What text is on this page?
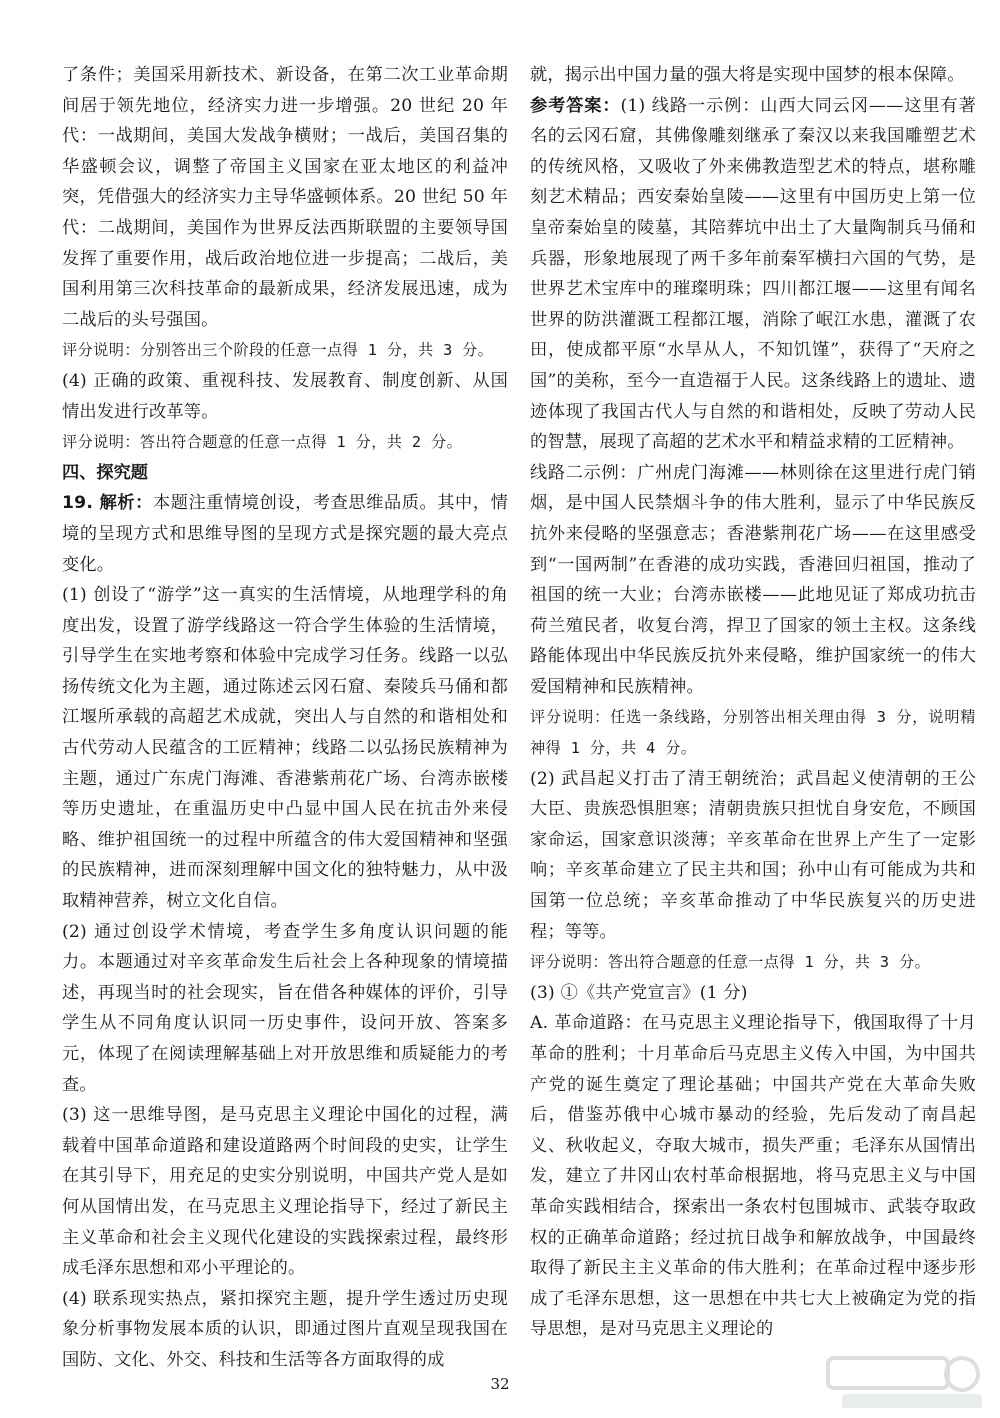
了条件；美国采用新技术、新设备，在第二次工业革命期间居于领先地位，经济实力进一步增强。20 世纪 20 年代：一战期间，美国大发战争横财；一战后，美国召集的华盛顿会议，调整了帝国主义国家在亚太地区的利益冲突，凭借强大的经济实力主导华盛顿体系。20 世纪 50 年代：二战期间，美国作为世界反法西斯联盟的主要领导国发挥了重要作用，战后政治地位进一步提高；二战后，美国利用第三次科技革命的最新成果，经济发展迅速，成为二战后的头号强国。

评分说明：分别答出三个阶段的任意一点得 1 分，共 3 分。

(4) 正确的政策、重视科技、发展教育、制度创新、从国情出发进行改革等。

评分说明：答出符合题意的任意一点得 1 分，共 2 分。

四、探究题

19. 解析：本题注重情境创设，考查思维品质。其中，情境的呈现方式和思维导图的呈现方式是探究题的最大亮点变化。

(1) 创设了“游学”这一真实的生活情境，从地理学科的角度出发，设置了游学线路这一符合学生体验的生活情境，引导学生在实地考察和体验中完成学习任务。线路一以弘扬传统文化为主题，通过陈述云冈石窟、秦陵兵马俑和都江堰所承载的高超艺术成就，突出人与自然的和谐相处和古代劳动人民蕴含的工匠精神；线路二以弘扬民族精神为主题，通过广东虎门海滩、香港紫荊花广场、台湾赤嵌楼等历史遗址，在重温历史中凸显中国人民在抗击外来侵略、维护祖国统一的过程中所蕴含的伟大爱国精神和坚强的民族精神，进而深刻理解中国文化的独特魅力，从中汲取精神营养，树立文化自信。

(2) 通过创设学术情境，考查学生多角度认识问题的能力。本题通过对辛亥革命发生后社会上各种现象的情境描述，再现当时的社会现实，旨在借各种媒体的评价，引导学生从不同角度认识同一历史事件，设问开放、答案多元，体现了在阅读理解基础上对开放思维和质疑能力的考查。

(3) 这一思维导图，是马克思主义理论中国化的过程，满载着中国革命道路和建设道路两个时间段的史实，让学生在其引导下，用充足的史实分别说明，中国共产党人是如何从国情出发，在马克思主义理论指导下，经过了新民主主义革命和社会主义现代化建设的实践探索过程，最终形成毛泽东思想和邓小平理论的。

(4) 联系现实热点，紧扣探究主题，提升学生透过历史现象分析事物发展本质的认识，即通过图片直观呈现我国在国防、文化、外交、科技和生活等各方面取得的成

就，揭示出中国力量的强大将是实现中国梦的根本保障。

参考答案：(1) 线路一示例：山西大同云冈——这里有著名的云冈石窟，其佛像雕刻继承了秦汉以来我国雕塑艺术的传统风格，又吸收了外来佛教造型艺术的特点，堪称雕刻艺术精品；西安秦始皇陵——这里有中国历史上第一位皇帝秦始皇的陵墓，其陪葬坑中出土了大量陶制兵马俑和兵器，形象地展现了两千多年前秦军横扫六国的气势，是世界艺术宝库中的璀璨明珠；四川都江堰——这里有闻名世界的防洪灌溉工程都江堰，消除了岷江水患，灌溉了农田，使成都平原“水旱从人，不知饥馑”，获得了“天府之国”的美称，至今一直造福于人民。这条线路上的遗址、遗迹体现了我国古代人与自然的和谐相处，反映了劳动人民的智慧，展现了高超的艺术水平和精益求精的工匠精神。

线路二示例：广州虎门海滩——林则徐在这里进行虎门销烟，是中国人民禁烟斗争的伟大胜利，显示了中华民族反抗外来侵略的坚强意志；香港紫荆花广场——在这里感受到“一国两制”在香港的成功实践，香港回归祖国，推动了祖国的统一大业；台湾赤嵌楼——此地见证了郑成功抗击荷兰殖民者，收复台湾，捍卫了国家的领土主权。这条线路能体现出中华民族反抗外来侵略，维护国家统一的伟大爱国精神和民族精神。

评分说明：任选一条线路，分别答出相关理由得 3 分，说明精神得 1 分，共 4 分。

(2) 武昌起义打击了清王朝统治；武昌起义使清朝的王公大臣、贵族恐惧胆寒；清朝贵族只担忧自身安危，不顾国家命运，国家意识淡薄；辛亥革命在世界上产生了一定影响；辛亥革命建立了民主共和国；孙中山有可能成为共和国第一位总统；辛亥革命推动了中华民族复兴的历史进程；等等。

评分说明：答出符合题意的任意一点得 1 分，共 3 分。

(3) ①《共产党宣言》(1 分)

A. 革命道路：在马克思主义理论指导下，俄国取得了十月革命的胜利；十月革命后马克思主义传入中国，为中国共产党的诞生奠定了理论基础；中国共产党在大革命失败后，借鉴苏俄中心城市暴动的经验，先后发动了南昌起义、秋收起义，夺取大城市，损失严重；毛泽东从国情出发，建立了井冈山农村革命根据地，将马克思主义与中国革命实践相结合，探索出一条农村包围城市、武装夺取政权的正确革命道路；经过抗日战争和解放战争，中国最终取得了新民主主义革命的伟大胜利；在革命过程中逐步形成了毛泽东思想，这一思想在中共七大上被确定为党的指导思想，是对马克思主义理论的

32
